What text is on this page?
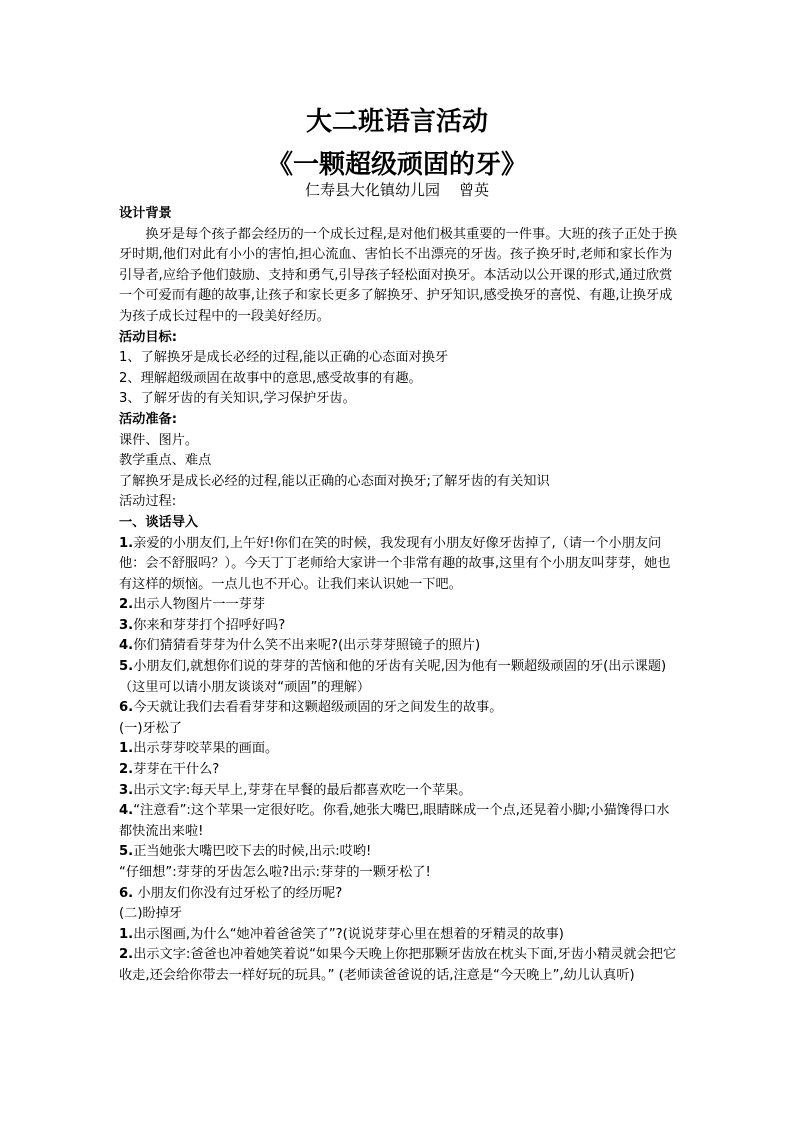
大二班语言活动
《一颗超级顽固的牙》
仁寿县大化镇幼儿园    曾英

设计背景

换牙是每个孩子都会经历的一个成长过程,是对他们极其重要的一件事。大班的孩子正处于换牙时期,他们对此有小小的害怕,担心流血、害怕长不出漂亮的牙齿。孩子换牙时,老师和家长作为引导者,应给予他们鼓励、支持和勇气,引导孩子轻松面对换牙。本活动以公开课的形式,通过欣赏一个可爱而有趣的故事,让孩子和家长更多了解换牙、护牙知识,感受换牙的喜悦、有趣,让换牙成为孩子成长过程中的一段美好经历。

活动目标:

1、了解换牙是成长必经的过程,能以正确的心态面对换牙

2、理解超级顽固在故事中的意思,感受故事的有趣。

3、了解牙齿的有关知识,学习保护牙齿。

活动准备:

课件、图片。

教学重点、难点

了解换牙是成长必经的过程,能以正确的心态面对换牙;了解牙齿的有关知识

活动过程:

一、谈话导入

1.亲爱的小朋友们,上午好!你们在笑的时候，我发现有小朋友好像牙齿掉了,（请一个小朋友问他：会不舒服吗？）。今天丁丁老师给大家讲一个非常有趣的故事,这里有个小朋友叫芽芽，她也有这样的烦恼。一点儿也不开心。让我们来认识她一下吧。

2.出示人物图片一一芽芽

3.你来和芽芽打个招呼好吗?

4.你们猜猜看芽芽为什么笑不出来呢?(出示芽芽照镜子的照片)

5.小朋友们,就想你们说的芽芽的苦恼和他的牙齿有关呢,因为他有一颗超级顽固的牙(出示课题)（这里可以请小朋友谈谈对“顽固”的理解）

6.今天就让我们去看看芽芽和这颗超级顽固的牙之间发生的故事。

(一)牙松了

1.出示芽芽咬苹果的画面。

2.芽芽在干什么?

3.出示文字:每天早上,芽芽在早餐的最后都喜欢吃一个苹果。

4.“注意看”:这个苹果一定很好吃。你看,她张大嘴巴,眼睛眯成一个点,还晃着小脚;小猫馋得口水都快流出来啦!

5.正当她张大嘴巴咬下去的时候,出示:哎哟!

“仔细想”:芽芽的牙齿怎么啦?出示:芽芽的一颗牙松了!

6. 小朋友们你没有过牙松了的经历呢?

(二)盼掉牙

1.出示图画,为什么“她冲着爸爸笑了”?(说说芽芽心里在想着的牙精灵的故事)

2.出示文字:爸爸也冲着她笑着说“如果今天晚上你把那颗牙齿放在枕头下面,牙齿小精灵就会把它收走,还会给你带去一样好玩的玩具。” (老师读爸爸说的话,注意是“今天晚上”,幼儿认真听)
